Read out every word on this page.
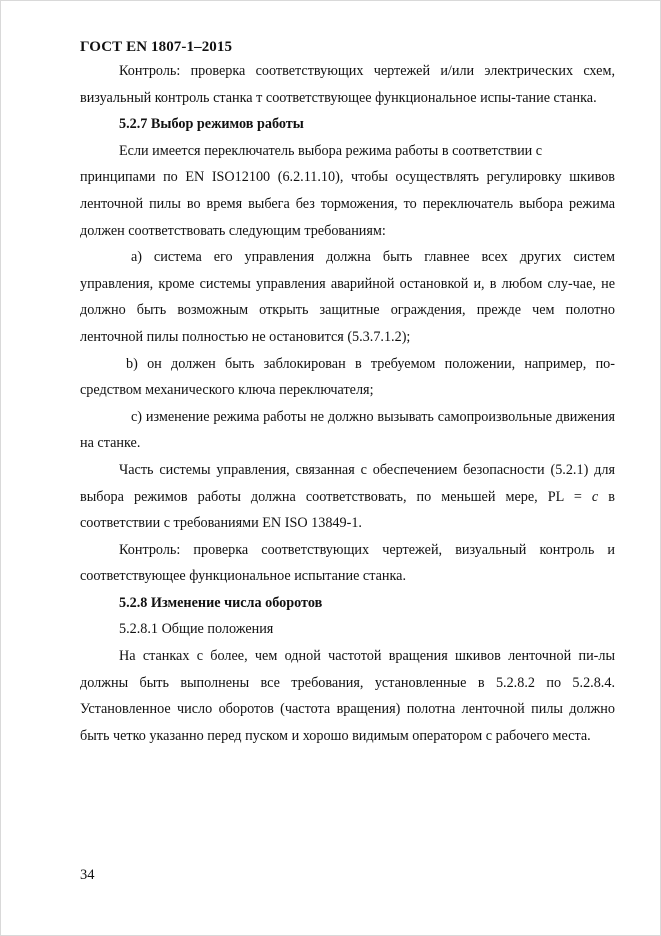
ГОСТ EN 1807-1–2015

Контроль: проверка соответствующих чертежей и/или электрических схем, визуальный контроль станка т соответствующее функциональное испы-тание станка.

5.2.7 Выбор режимов работы

Если имеется переключатель выбора режима работы в соответствии с
принципами по EN ISO12100 (6.2.11.10), чтобы осуществлять регулировку шкивов ленточной пилы во время выбега без торможения, то переключатель выбора режима должен соответствовать следующим требованиям:

a) система его управления должна быть главнее всех других систем управления, кроме системы управления аварийной остановкой и, в любом слу-чае, не должно быть возможным открыть защитные ограждения, прежде чем полотно ленточной пилы полностью не остановится (5.3.7.1.2);

b) он должен быть заблокирован в требуемом положении, например, по-средством механического ключа переключателя;

c) изменение режима работы не должно вызывать самопроизвольные движения на станке.

Часть системы управления, связанная с обеспечением безопасности (5.2.1) для выбора режимов работы должна соответствовать, по меньшей мере, PL = c в соответствии с требованиями EN ISO 13849-1.

Контроль: проверка соответствующих чертежей, визуальный контроль и соответствующее функциональное испытание станка.

5.2.8 Изменение числа оборотов
5.2.8.1 Общие положения

На станках с более, чем одной частотой вращения шкивов ленточной пи-лы должны быть выполнены все требования, установленные в 5.2.8.2 по 5.2.8.4. Установленное число оборотов (частота вращения) полотна ленточной пилы должно быть четко указанно перед пуском и хорошо видимым оператором с рабочего места.

34
